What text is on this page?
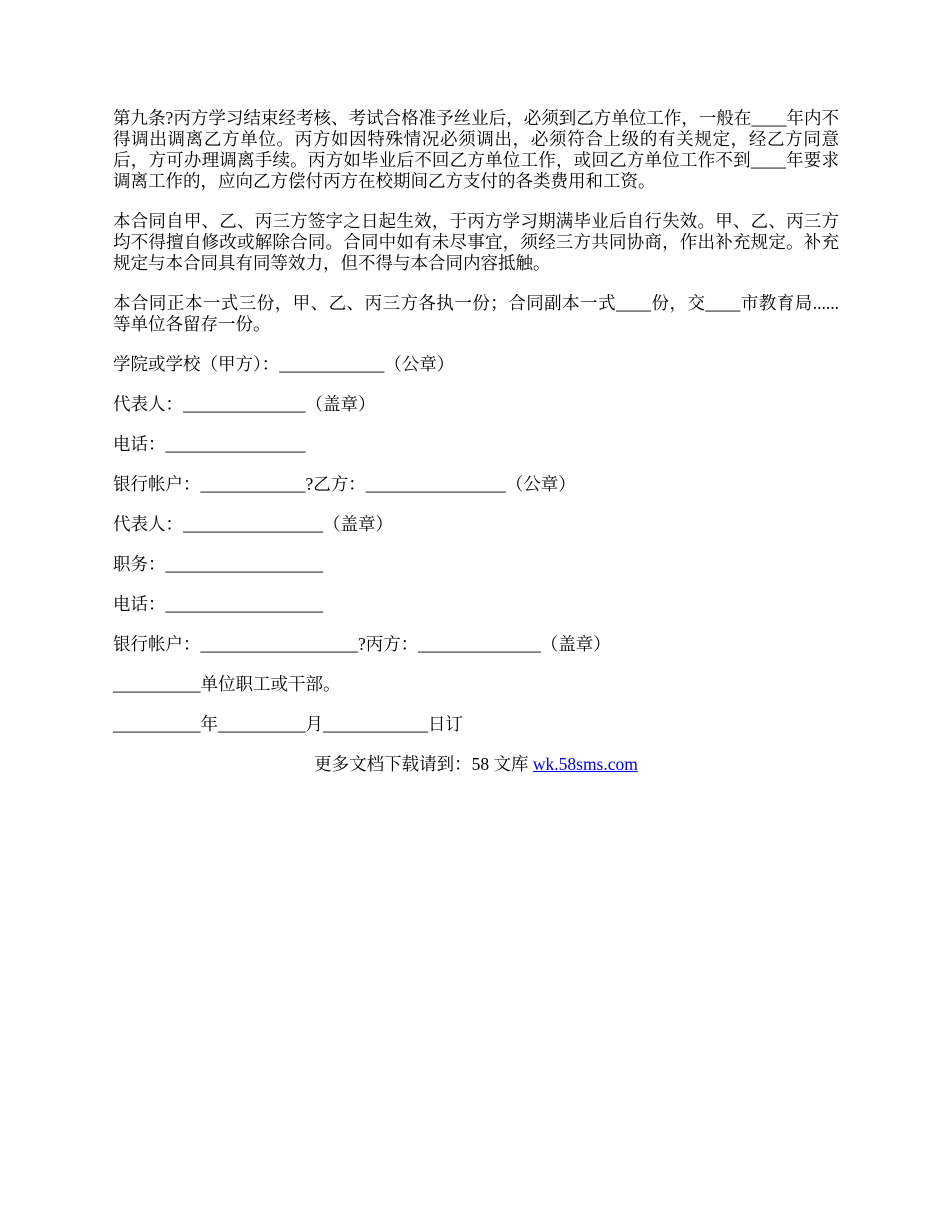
第九条?丙方学习结束经考核、考试合格准予丝业后，必须到乙方单位工作，一般在____年内不得调出调离乙方单位。丙方如因特殊情况必须调出，必须符合上级的有关规定，经乙方同意后，方可办理调离手续。丙方如毕业后不回乙方单位工作，或回乙方单位工作不到____年要求调离工作的，应向乙方偿付丙方在校期间乙方支付的各类费用和工资。

本合同自甲、乙、丙三方签字之日起生效，于丙方学习期满毕业后自行失效。甲、乙、丙三方均不得擅自修改或解除合同。合同中如有未尽事宜，须经三方共同协商，作出补充规定。补充规定与本合同具有同等效力，但不得与本合同内容抵触。

本合同正本一式三份，甲、乙、丙三方各执一份；合同副本一式____份，交____市教育局......等单位各留存一份。

学院或学校（甲方）：____________（公章）

代表人：______________（盖章）

电话：________________

银行帐户：____________?乙方：________________（公章）

代表人：________________（盖章）

职务：__________________

电话：__________________

银行帐户：__________________?丙方：______________（盖章）

__________单位职工或干部。

__________年__________月____________日订

更多文档下载请到：58 文库 wk.58sms.com
